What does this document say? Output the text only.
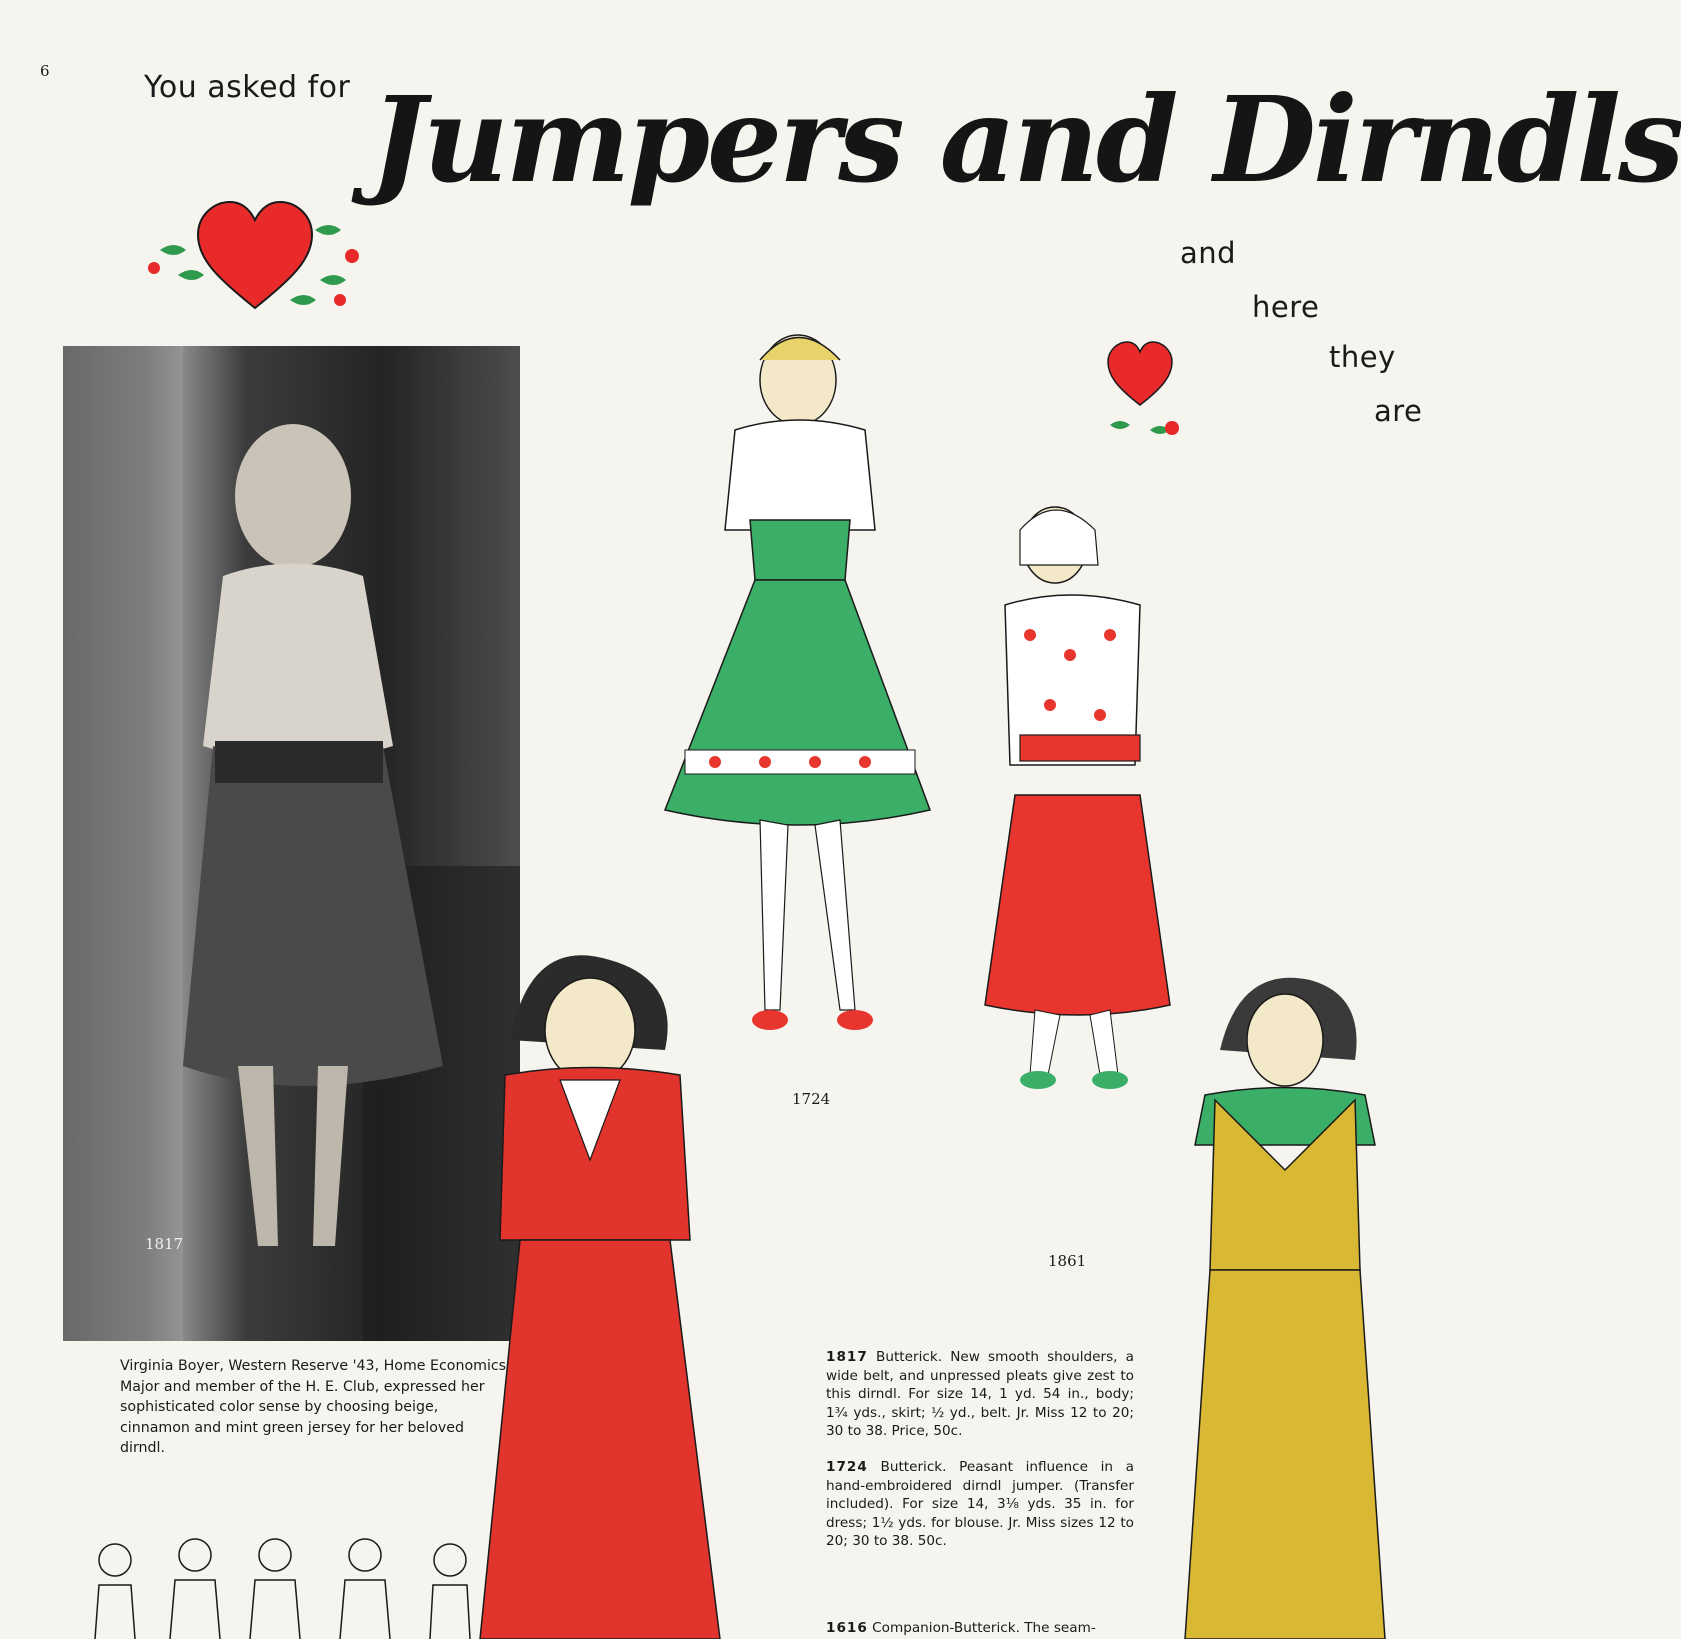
6	You asked for Jumpers and Dirndls
and
here
they
are
1817
Virginia Boyer, Western Reserve '43, Home Economics Major and member of the H. E. Club, expressed her sophisticated color sense by choosing beige, cinnamon and mint green jersey for her beloved dirndl.
1724
1861
1817 Butterick. New smooth shoulders, a wide belt, and unpressed pleats give zest to this dirndl. For size 14, 1 yd. 54 in., body; 1¾ yds., skirt; ½ yd., belt. Jr. Miss 12 to 20; 30 to 38. Price, 50c.
1724 Butterick. Peasant influence in a hand-embroidered dirndl jumper. (Transfer included). For size 14, 3⅛ yds. 35 in. for dress; 1½ yds. for blouse. Jr. Miss sizes 12 to 20; 30 to 38. 50c.
1616 Companion-Butterick. The seam-
